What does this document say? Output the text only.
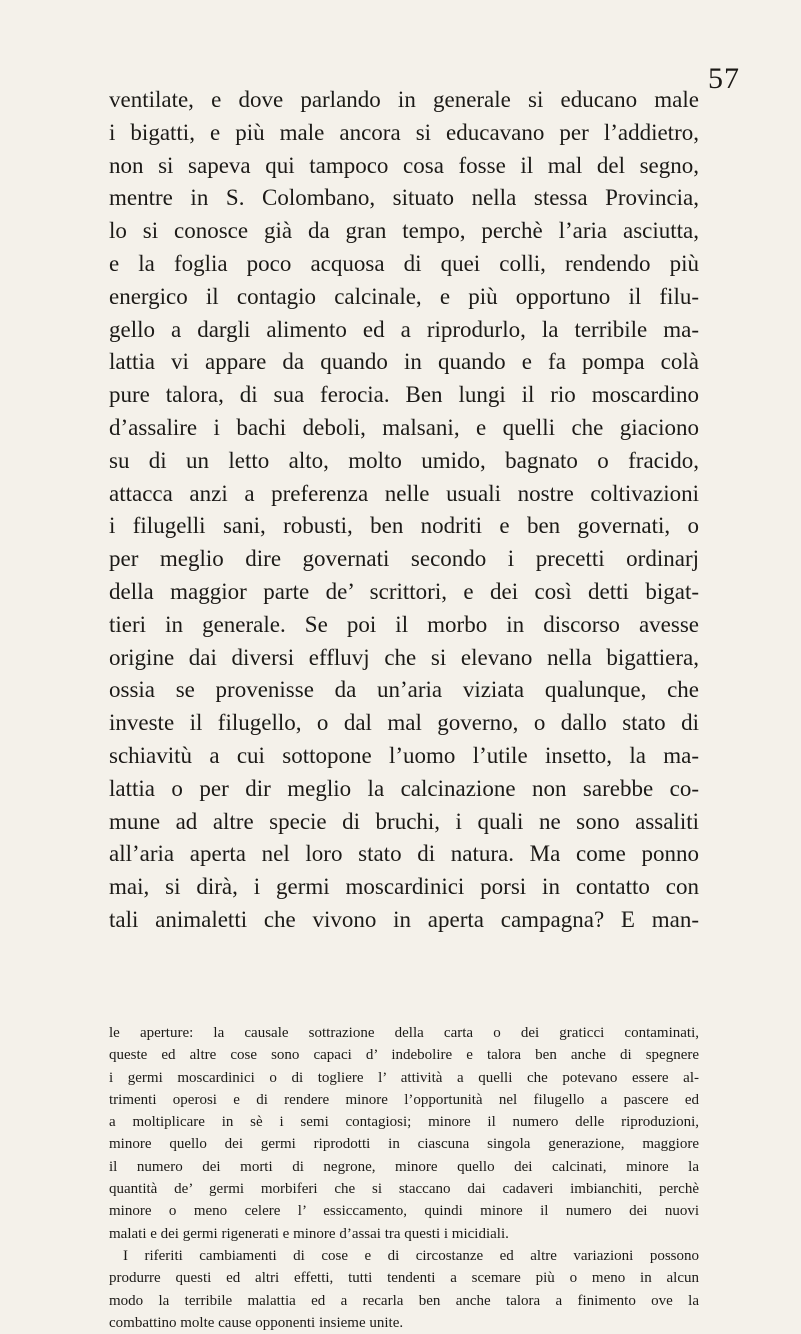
57
ventilate, e dove parlando in generale si educano male
i bigatti, e più male ancora si educavano per l’addietro,
non si sapeva qui tampoco cosa fosse il mal del segno,
mentre in S. Colombano, situato nella stessa Provincia,
lo si conosce già da gran tempo, perchè l’aria asciutta,
e la foglia poco acquosa di quei colli, rendendo più
energico il contagio calcinale, e più opportuno il filu-
gello a dargli alimento ed a riprodurlo, la terribile ma-
lattia vi appare da quando in quando e fa pompa colà
pure talora, di sua ferocia. Ben lungi il rio moscardino
d’assalire i bachi deboli, malsani, e quelli che giaciono
su di un letto alto, molto umido, bagnato o fracido,
attacca anzi a preferenza nelle usuali nostre coltivazioni
i filugelli sani, robusti, ben nodriti e ben governati, o
per meglio dire governati secondo i precetti ordinarj
della maggior parte de’ scrittori, e dei così detti bigat-
tieri in generale. Se poi il morbo in discorso avesse
origine dai diversi effluvj che si elevano nella bigattiera,
ossia se provenisse da un’aria viziata qualunque, che
investe il filugello, o dal mal governo, o dallo stato di
schiavitù a cui sottopone l’uomo l’utile insetto, la ma-
lattia o per dir meglio la calcinazione non sarebbe co-
mune ad altre specie di bruchi, i quali ne sono assaliti
all’aria aperta nel loro stato di natura. Ma come ponno
mai, si dirà, i germi moscardinici porsi in contatto con
tali animaletti che vivono in aperta campagna? E man-
le aperture: la causale sottrazione della carta o dei graticci contaminati,
queste ed altre cose sono capaci d’ indebolire e talora ben anche di spegnere
i germi moscardinici o di togliere l’ attività a quelli che potevano essere al-
trimenti operosi e di rendere minore l’opportunità nel filugello a pascere ed
a moltiplicare in sè i semi contagiosi; minore il numero delle riproduzioni,
minore quello dei germi riprodotti in ciascuna singola generazione, maggiore
il numero dei morti di negrone, minore quello dei calcinati, minore la
quantità de’ germi morbiferi che si staccano dai cadaveri imbianchiti, perchè
minore o meno celere l’ essiccamento, quindi minore il numero dei nuovi
malati e dei germi rigenerati e minore d’assai tra questi i micidiali.
I riferiti cambiamenti di cose e di circostanze ed altre variazioni possono
produrre questi ed altri effetti, tutti tendenti a scemare più o meno in alcun
modo la terribile malattia ed a recarla ben anche talora a finimento ove la
combattino molte cause opponenti insieme unite.
